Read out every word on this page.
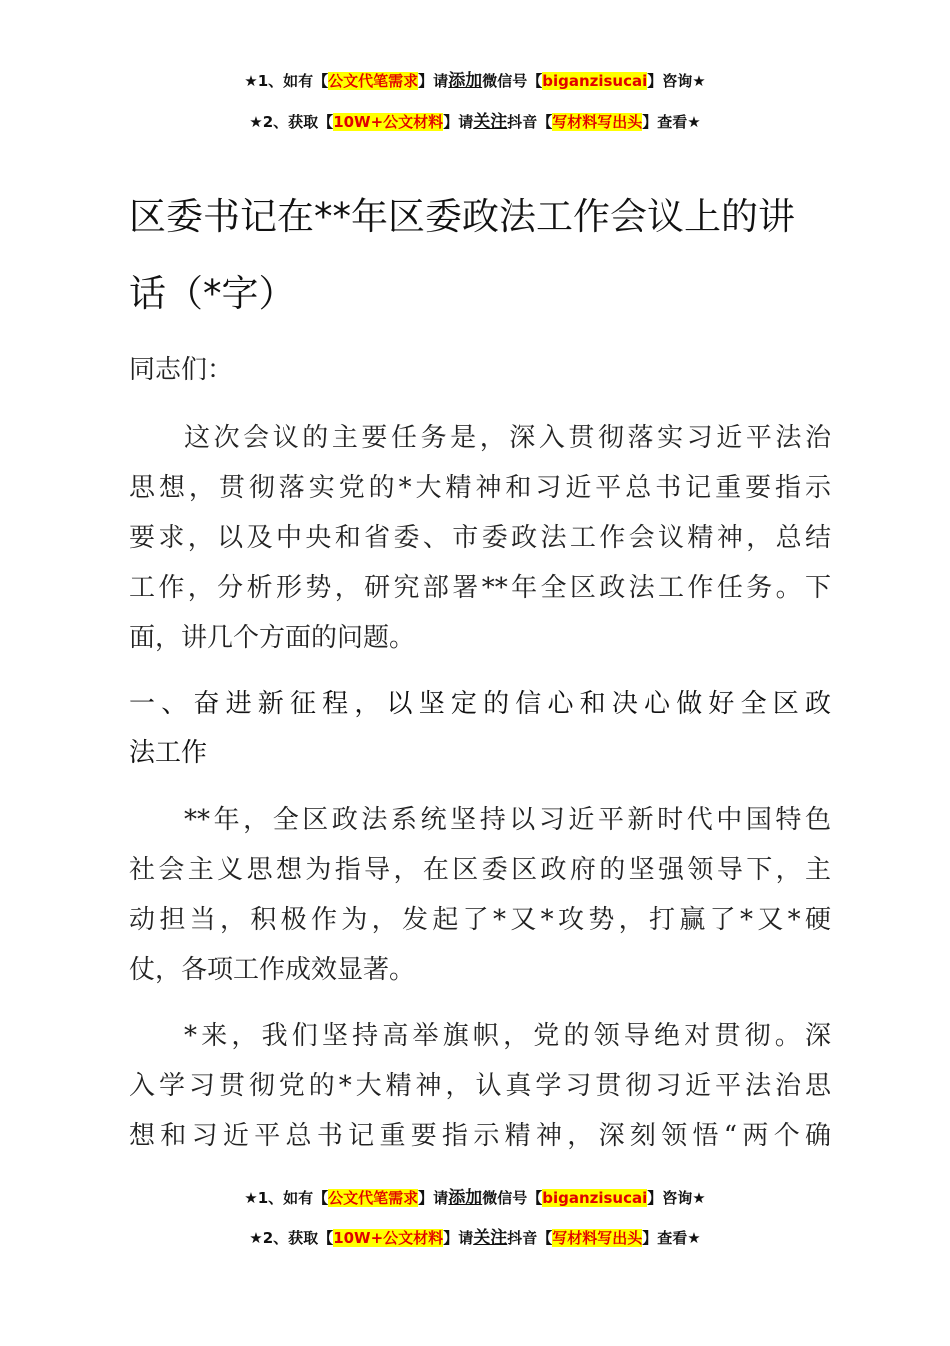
★1、如有【公文代笔需求】请添加微信号【biganzisucai】咨询★
★2、获取【10W+公文材料】请关注抖音【写材料写出头】查看★
区委书记在**年区委政法工作会议上的讲
话（*字）
同志们：
这次会议的主要任务是，深入贯彻落实习近平法治
思想，贯彻落实党的*大精神和习近平总书记重要指示
要求，以及中央和省委、市委政法工作会议精神，总结
工作，分析形势，研究部署**年全区政法工作任务。下
面，讲几个方面的问题。
一、奋进新征程，以坚定的信心和决心做好全区政
法工作
**年，全区政法系统坚持以习近平新时代中国特色
社会主义思想为指导，在区委区政府的坚强领导下，主
动担当，积极作为，发起了*又*攻势，打赢了*又*硬
仗，各项工作成效显著。
*来，我们坚持高举旗帜，党的领导绝对贯彻。深
入学习贯彻党的*大精神，认真学习贯彻习近平法治思
想和习近平总书记重要指示精神，深刻领悟“两个确
★1、如有【公文代笔需求】请添加微信号【biganzisucai】咨询★
★2、获取【10W+公文材料】请关注抖音【写材料写出头】查看★
